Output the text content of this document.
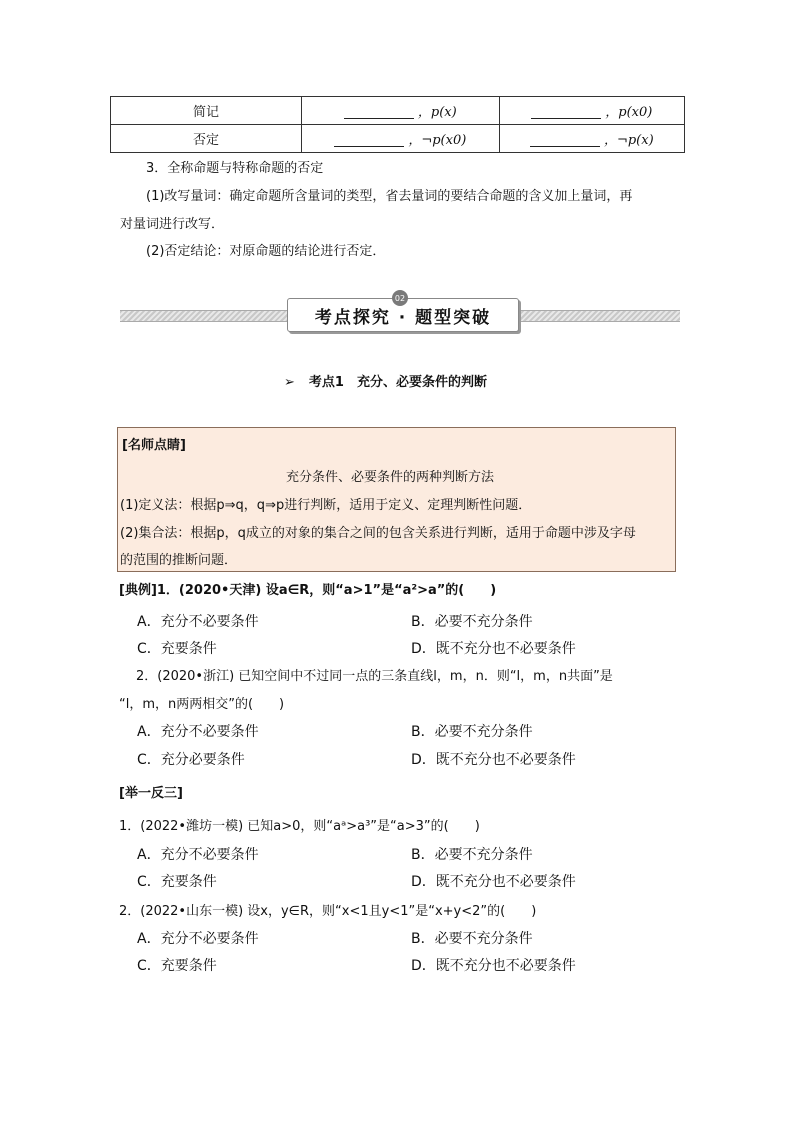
简记	，p(x)	，p(x0)
否定	，¬p(x0)	，¬p(x)
3．全称命题与特称命题的否定
(1)改写量词：确定命题所含量词的类型，省去量词的要结合命题的含义加上量词，再
对量词进行改写．
(2)否定结论：对原命题的结论进行否定．
考点探究 · 题型突破
02
➢ 考点1　充分、必要条件的判断
[名师点睛]
充分条件、必要条件的两种判断方法
(1)定义法：根据p⇒q，q⇒p进行判断，适用于定义、定理判断性问题．
(2)集合法：根据p，q成立的对象的集合之间的包含关系进行判断，适用于命题中涉及字母
的范围的推断问题．
[典例]1．(2020•天津) 设a∈R，则“a>1”是“a²>a”的(　　)
A．充分不必要条件	B．必要不充分条件
C．充要条件	D．既不充分也不必要条件
2．(2020•浙江) 已知空间中不过同一点的三条直线l，m，n．则“l，m，n共面”是
“l，m，n两两相交”的(　　)
A．充分不必要条件	B．必要不充分条件
C．充分必要条件	D．既不充分也不必要条件
[举一反三]
1．(2022•潍坊一模) 已知a>0，则“aᵃ>a³”是“a>3”的(　　)
A．充分不必要条件	B．必要不充分条件
C．充要条件	D．既不充分也不必要条件
2．(2022•山东一模) 设x，y∈R，则“x<1且y<1”是“x+y<2”的(　　)
A．充分不必要条件	B．必要不充分条件
C．充要条件	D．既不充分也不必要条件
